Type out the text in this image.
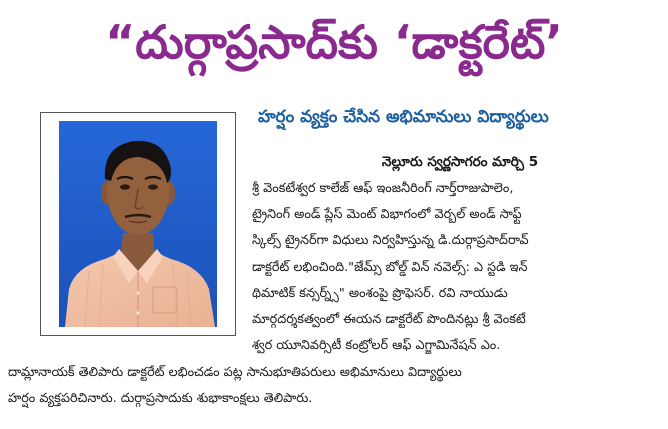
“దుర్గాప్రసాద్‌కు ‘డాక్టరేట్’
హర్షం వ్యక్తం చేసిన అభిమానులు విద్యార్థులు
నెల్లూరు స్వర్ణసాగరం మార్చి 5
శ్రీ వెంకటేశ్వర కాలేజ్ ఆఫ్ ఇంజనీరింగ్ నార్త్‌రాజుపాలెం,
ట్రైనింగ్ అండ్ ప్లేస్ మెంట్ విభాగంలో వెర్బల్ అండ్ సాఫ్ట్
స్కిల్స్ ట్రైనర్‌గా విధులు నిర్వహిస్తున్న డి.దుర్గాప్రసాద్‌రావ్
డాక్టరేట్ లభించింది."జేమ్స్ బోల్డ్ విన్ నవెల్స్: ఎ స్టడి ఇన్
థిమాటిక్ కన్సర్న్స్" అంశంపై ప్రొఫెసర్. రవి నాయుడు
మార్గదర్శకత్వంలో ఈయన డాక్టరేట్ పొందినట్లు శ్రీ వెంకటే
శ్వర యూనివర్సిటీ కంట్రోలర్ ఆఫ్ ఎగ్జామినేషన్ ఎం.
దామ్లానాయక్ తెలిపారు డాక్టరేట్ లభించడం పట్ల సానుభూతిపరులు అభిమానులు విద్యార్థులు
హర్షం వ్యక్తపరిచినారు. దుర్గాప్రసాదుకు శుభాకాంక్షలు తెలిపారు.
